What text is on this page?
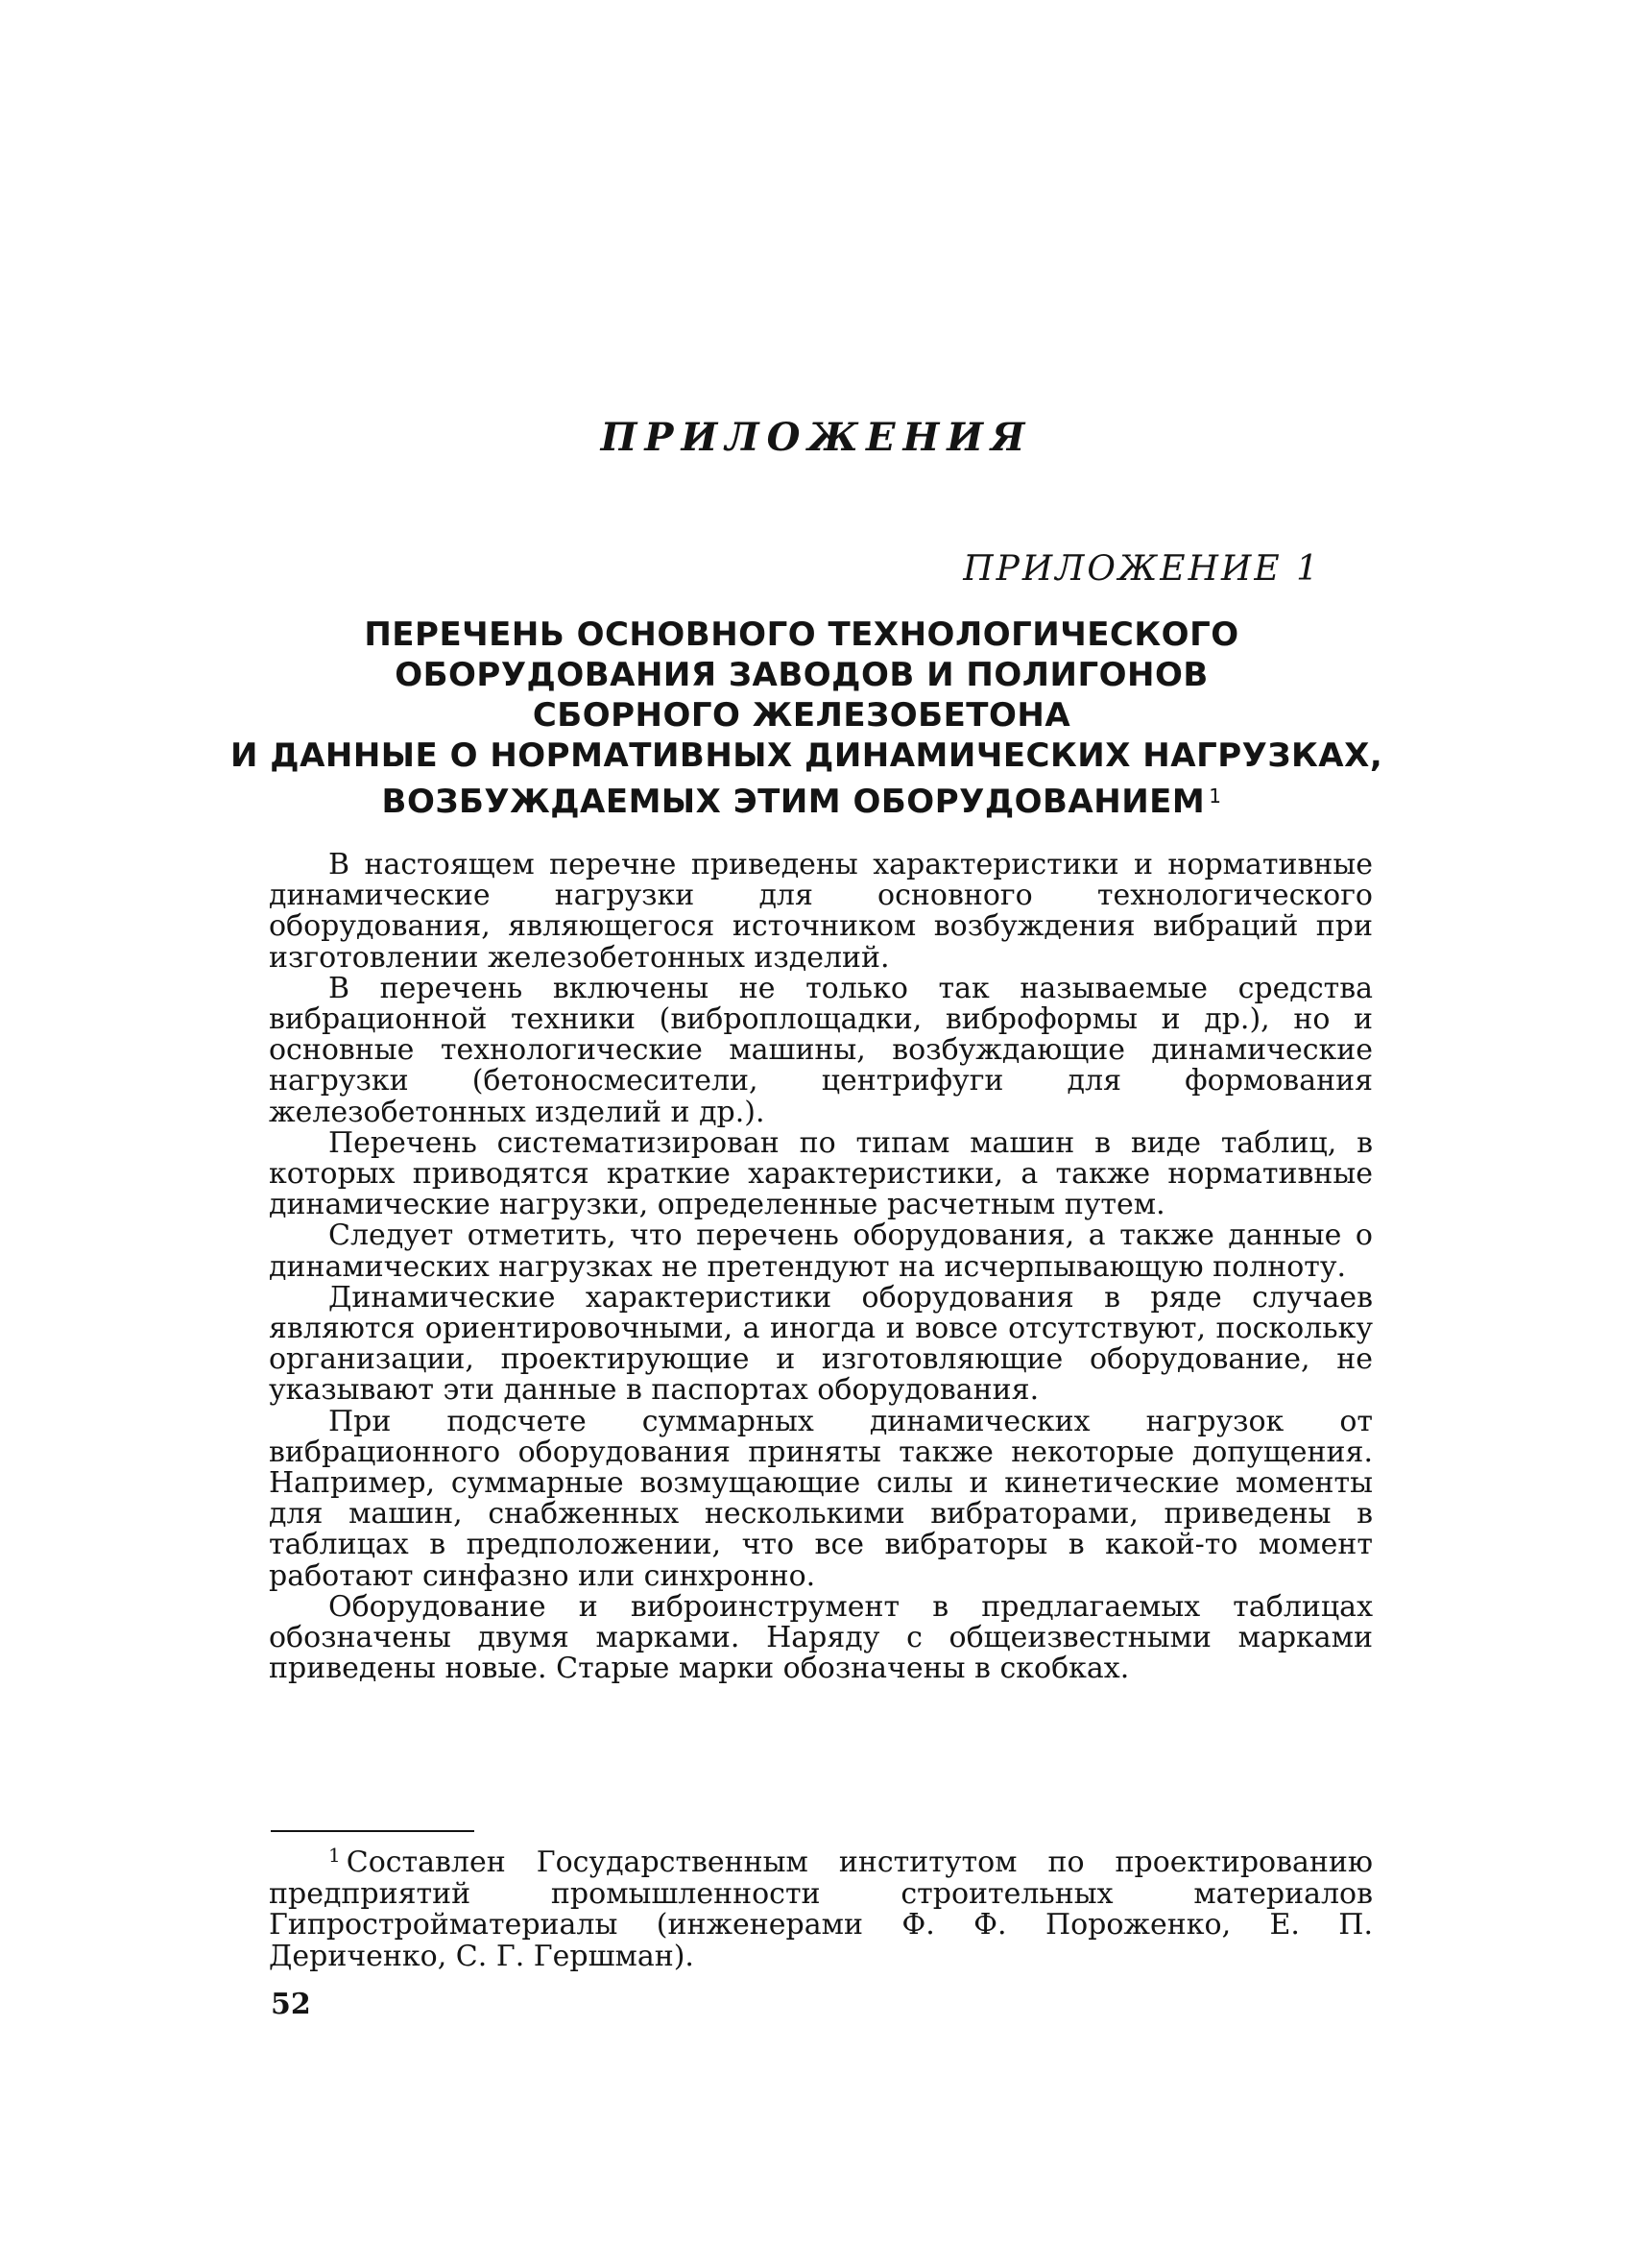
ПРИЛОЖЕНИЯ
ПРИЛОЖЕНИЕ 1
ПЕРЕЧЕНЬ ОСНОВНОГО ТЕХНОЛОГИЧЕСКОГО
ОБОРУДОВАНИЯ ЗАВОДОВ И ПОЛИГОНОВ
СБОРНОГО ЖЕЛЕЗОБЕТОНА
И ДАННЫЕ О НОРМАТИВНЫХ ДИНАМИЧЕСКИХ НАГРУЗКАХ,
ВОЗБУЖДАЕМЫХ ЭТИМ ОБОРУДОВАНИЕМ $^1$

В настоящем перечне приведены характеристики и нормативные динамические нагрузки для основного технологического оборудования, являющегося источником возбуждения вибраций при изготовлении железобетонных изделий.

В перечень включены не только так называемые средства вибрационной техники (виброплощадки, виброформы и др.), но и основные технологические машины, возбуждающие динамические нагрузки (бетоносмесители, центрифуги для формования железобетонных изделий и др.).

Перечень систематизирован по типам машин в виде таблиц, в которых приводятся краткие характеристики, а также нормативные динамические нагрузки, определенные расчетным путем.

Следует отметить, что перечень оборудования, а также данные о динамических нагрузках не претендуют на исчерпывающую полноту.

Динамические характеристики оборудования в ряде случаев являются ориентировочными, а иногда и вовсе отсутствуют, поскольку организации, проектирующие и изготовляющие оборудование, не указывают эти данные в паспортах оборудования.

При подсчете суммарных динамических нагрузок от вибрационного оборудования приняты также некоторые допущения. Например, суммарные возмущающие силы и кинетические моменты для машин, снабженных несколькими вибраторами, приведены в таблицах в предположении, что все вибраторы в какой-то момент работают синфазно или синхронно.

Оборудование и виброинструмент в предлагаемых таблицах обозначены двумя марками. Наряду с общеизвестными марками приведены новые. Старые марки обозначены в скобках.

$^1$ Составлен Государственным институтом по проектированию предприятий промышленности строительных материалов Гипростройматериалы (инженерами Ф. Ф. Пороженко, Е. П. Дериченко, С. Г. Гершман).

52
